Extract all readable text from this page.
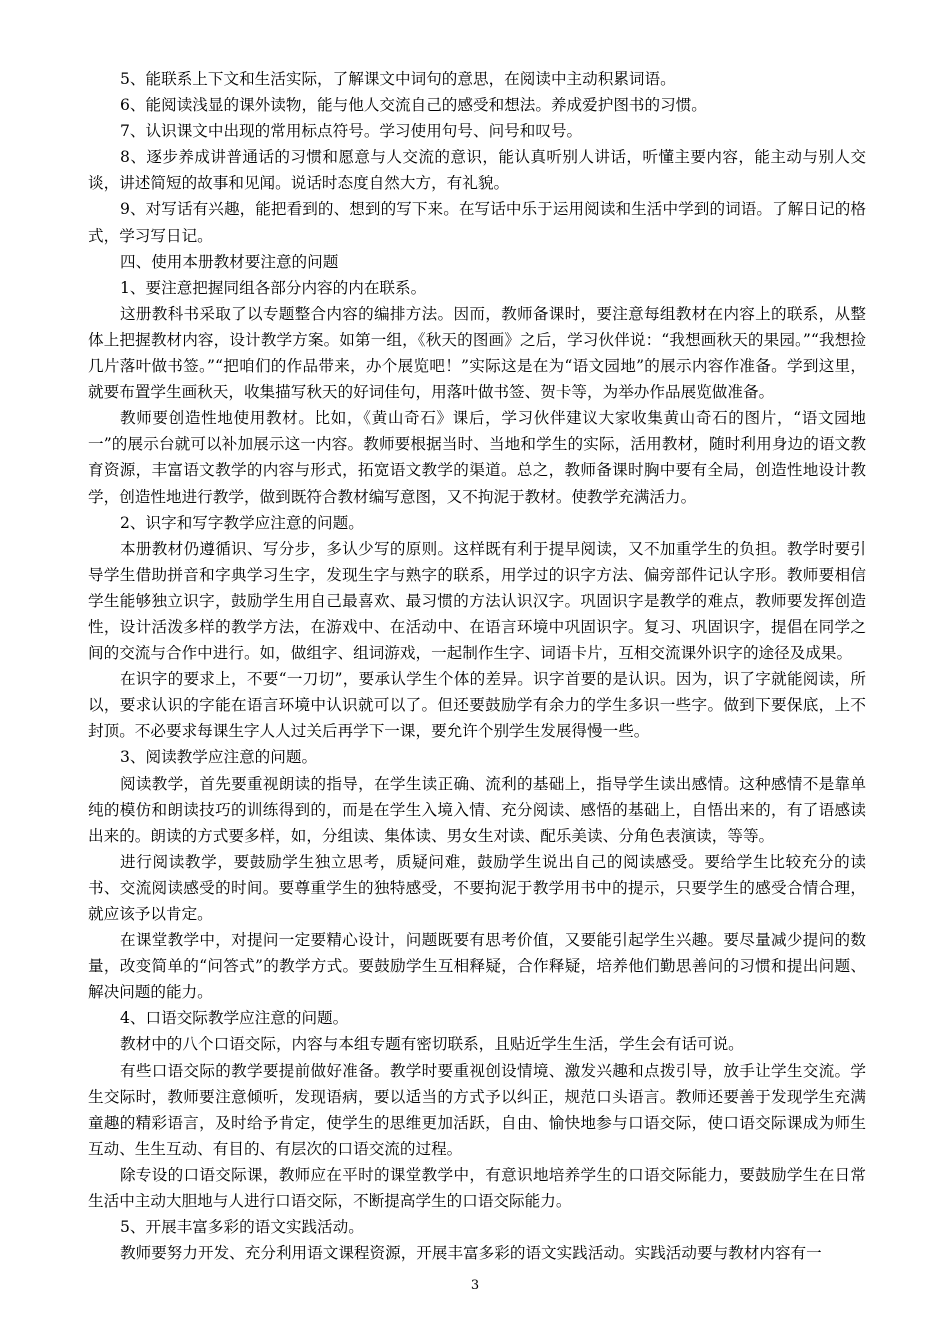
5、能联系上下文和生活实际，了解课文中词句的意思，在阅读中主动积累词语。

6、能阅读浅显的课外读物，能与他人交流自己的感受和想法。养成爱护图书的习惯。

7、认识课文中出现的常用标点符号。学习使用句号、问号和叹号。

8、逐步养成讲普通话的习惯和愿意与人交流的意识，能认真听别人讲话，听懂主要内容，能主动与别人交谈，讲述简短的故事和见闻。说话时态度自然大方，有礼貌。

9、对写话有兴趣，能把看到的、想到的写下来。在写话中乐于运用阅读和生活中学到的词语。了解日记的格式，学习写日记。

四、使用本册教材要注意的问题

1、要注意把握同组各部分内容的内在联系。

这册教科书采取了以专题整合内容的编排方法。因而，教师备课时，要注意每组教材在内容上的联系，从整体上把握教材内容，设计教学方案。如第一组，《秋天的图画》之后，学习伙伴说：“我想画秋天的果园。”“我想捡几片落叶做书签。”“把咱们的作品带来，办个展览吧！”实际这是在为“语文园地”的展示内容作准备。学到这里，就要布置学生画秋天，收集描写秋天的好词佳句，用落叶做书签、贺卡等，为举办作品展览做准备。

教师要创造性地使用教材。比如，《黄山奇石》课后，学习伙伴建议大家收集黄山奇石的图片，“语文园地一”的展示台就可以补加展示这一内容。教师要根据当时、当地和学生的实际，活用教材，随时利用身边的语文教育资源，丰富语文教学的内容与形式，拓宽语文教学的渠道。总之，教师备课时胸中要有全局，创造性地设计教学，创造性地进行教学，做到既符合教材编写意图，又不拘泥于教材。使教学充满活力。

2、识字和写字教学应注意的问题。

本册教材仍遵循识、写分步，多认少写的原则。这样既有利于提早阅读，又不加重学生的负担。教学时要引导学生借助拼音和字典学习生字，发现生字与熟字的联系，用学过的识字方法、偏旁部件记认字形。教师要相信学生能够独立识字，鼓励学生用自己最喜欢、最习惯的方法认识汉字。巩固识字是教学的难点，教师要发挥创造性，设计活泼多样的教学方法，在游戏中、在活动中、在语言环境中巩固识字。复习、巩固识字，提倡在同学之间的交流与合作中进行。如，做组字、组词游戏，一起制作生字、词语卡片，互相交流课外识字的途径及成果。

在识字的要求上，不要“一刀切”，要承认学生个体的差异。识字首要的是认识。因为，识了字就能阅读，所以，要求认识的字能在语言环境中认识就可以了。但还要鼓励学有余力的学生多识一些字。做到下要保底，上不封顶。不必要求每课生字人人过关后再学下一课，要允许个别学生发展得慢一些。

3、阅读教学应注意的问题。

阅读教学，首先要重视朗读的指导，在学生读正确、流利的基础上，指导学生读出感情。这种感情不是靠单纯的模仿和朗读技巧的训练得到的，而是在学生入境入情、充分阅读、感悟的基础上，自悟出来的，有了语感读出来的。朗读的方式要多样，如，分组读、集体读、男女生对读、配乐美读、分角色表演读，等等。

进行阅读教学，要鼓励学生独立思考，质疑问难，鼓励学生说出自己的阅读感受。要给学生比较充分的读书、交流阅读感受的时间。要尊重学生的独特感受，不要拘泥于教学用书中的提示，只要学生的感受合情合理，就应该予以肯定。

在课堂教学中，对提问一定要精心设计，问题既要有思考价值，又要能引起学生兴趣。要尽量减少提问的数量，改变简单的“问答式”的教学方式。要鼓励学生互相释疑，合作释疑，培养他们勤思善问的习惯和提出问题、解决问题的能力。

4、口语交际教学应注意的问题。

教材中的八个口语交际，内容与本组专题有密切联系，且贴近学生生活，学生会有话可说。

有些口语交际的教学要提前做好准备。教学时要重视创设情境、激发兴趣和点拨引导，放手让学生交流。学生交际时，教师要注意倾听，发现语病，要以适当的方式予以纠正，规范口头语言。教师还要善于发现学生充满童趣的精彩语言，及时给予肯定，使学生的思维更加活跃，自由、愉快地参与口语交际，使口语交际课成为师生互动、生生互动、有目的、有层次的口语交流的过程。

除专设的口语交际课，教师应在平时的课堂教学中，有意识地培养学生的口语交际能力，要鼓励学生在日常生活中主动大胆地与人进行口语交际，不断提高学生的口语交际能力。

5、开展丰富多彩的语文实践活动。

教师要努力开发、充分利用语文课程资源，开展丰富多彩的语文实践活动。实践活动要与教材内容有一

3
